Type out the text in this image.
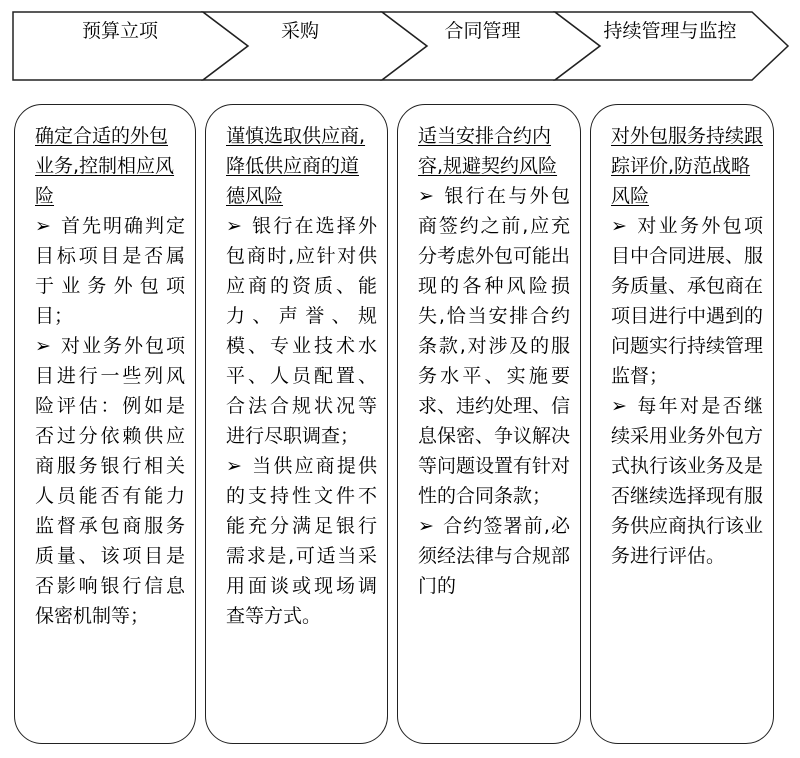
预算立项	采购	合同管理	持续管理与监控
确定合适的外包业务,控制相应风险
➢ 首先明确判定目标项目是否属于业务外包项目；
➢ 对业务外包项目进行一些列风险评估：例如是否过分依赖供应商服务银行相关人员能否有能力监督承包商服务质量、该项目是否影响银行信息保密机制等；
谨慎选取供应商,降低供应商的道德风险
➢ 银行在选择外包商时,应针对供应商的资质、能力、声誉、规模、专业技术水平、人员配置、合法合规状况等进行尽职调查；
➢ 当供应商提供的支持性文件不能充分满足银行需求是,可适当采用面谈或现场调查等方式。
适当安排合约内容,规避契约风险
➢ 银行在与外包商签约之前,应充分考虑外包可能出现的各种风险损失,恰当安排合约条款,对涉及的服务水平、实施要求、违约处理、信息保密、争议解决等问题设置有针对性的合同条款；
➢ 合约签署前,必须经法律与合规部门的
对外包服务持续跟踪评价,防范战略风险
➢ 对业务外包项目中合同进展、服务质量、承包商在项目进行中遇到的问题实行持续管理监督；
➢ 每年对是否继续采用业务外包方式执行该业务及是否继续选择现有服务供应商执行该业务进行评估。
